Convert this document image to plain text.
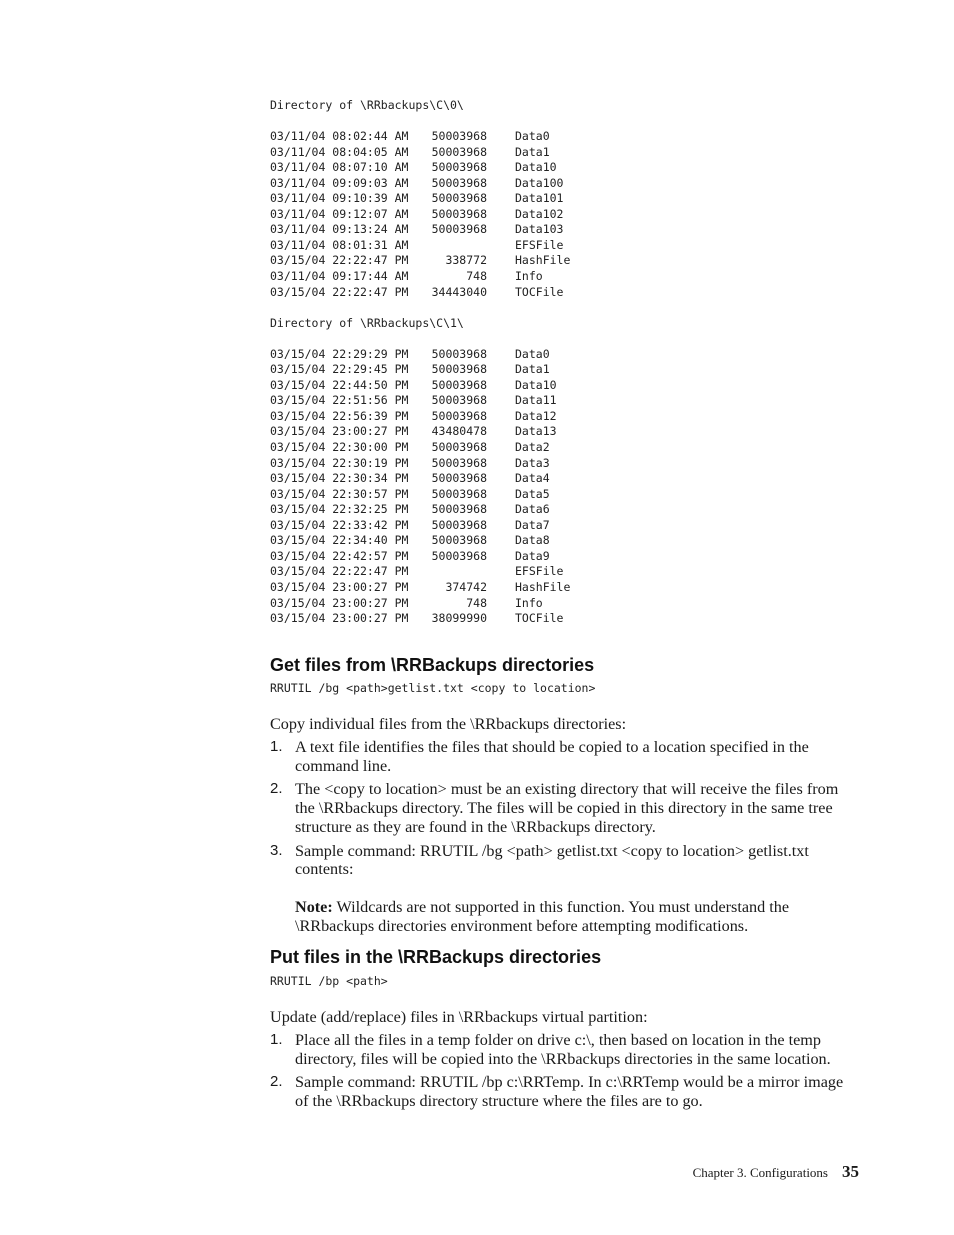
Directory of \RRbackups\C\0\
03/11/04 08:02:44 AM 50003968 Data0
03/11/04 08:04:05 AM 50003968 Data1
03/11/04 08:07:10 AM 50003968 Data10
03/11/04 09:09:03 AM 50003968 Data100
03/11/04 09:10:39 AM 50003968 Data101
03/11/04 09:12:07 AM 50003968 Data102
03/11/04 09:13:24 AM 50003968 Data103
03/11/04 08:01:31 AM	EFSFile
03/15/04 22:22:47 PM	338772 HashFile
03/11/04 09:17:44 AM	748 Info
03/15/04 22:22:47 PM 34443040 TOCFile
Directory of \RRbackups\C\1\
03/15/04 22:29:29 PM 50003968 Data0
03/15/04 22:29:45 PM 50003968 Data1
03/15/04 22:44:50 PM 50003968 Data10
03/15/04 22:51:56 PM 50003968 Data11
03/15/04 22:56:39 PM 50003968 Data12
03/15/04 23:00:27 PM 43480478 Data13
03/15/04 22:30:00 PM 50003968 Data2
03/15/04 22:30:19 PM 50003968 Data3
03/15/04 22:30:34 PM 50003968 Data4
03/15/04 22:30:57 PM 50003968 Data5
03/15/04 22:32:25 PM 50003968 Data6
03/15/04 22:33:42 PM 50003968 Data7
03/15/04 22:34:40 PM 50003968 Data8
03/15/04 22:42:57 PM 50003968 Data9
03/15/04 22:22:47 PM	EFSFile
03/15/04 23:00:27 PM	374742 HashFile
03/15/04 23:00:27 PM	748 Info
03/15/04 23:00:27 PM 38099990 TOCFile
Get files from \RRBackups directories
RRUTIL /bg <path>getlist.txt <copy to location>

Copy individual files from the \RRbackups directories:

1. A text file identifies the files that should be copied to a location specified in the command line.
2. The <copy to location> must be an existing directory that will receive the files from the \RRbackups directory. The files will be copied in this directory in the same tree structure as they are found in the \RRbackups directory.
3. Sample command: RRUTIL /bg <path> getlist.txt <copy to location> getlist.txt contents:
Note: Wildcards are not supported in this function. You must understand the \RRbackups directories environment before attempting modifications.
Put files in the \RRBackups directories
RRUTIL /bp <path>

Update (add/replace) files in \RRbackups virtual partition:

1. Place all the files in a temp folder on drive c:\, then based on location in the temp directory, files will be copied into the \RRbackups directories in the same location.
2. Sample command: RRUTIL /bp c:\RRTemp. In c:\RRTemp would be a mirror image of the \RRbackups directory structure where the files are to go.
Chapter 3. Configurations 35
